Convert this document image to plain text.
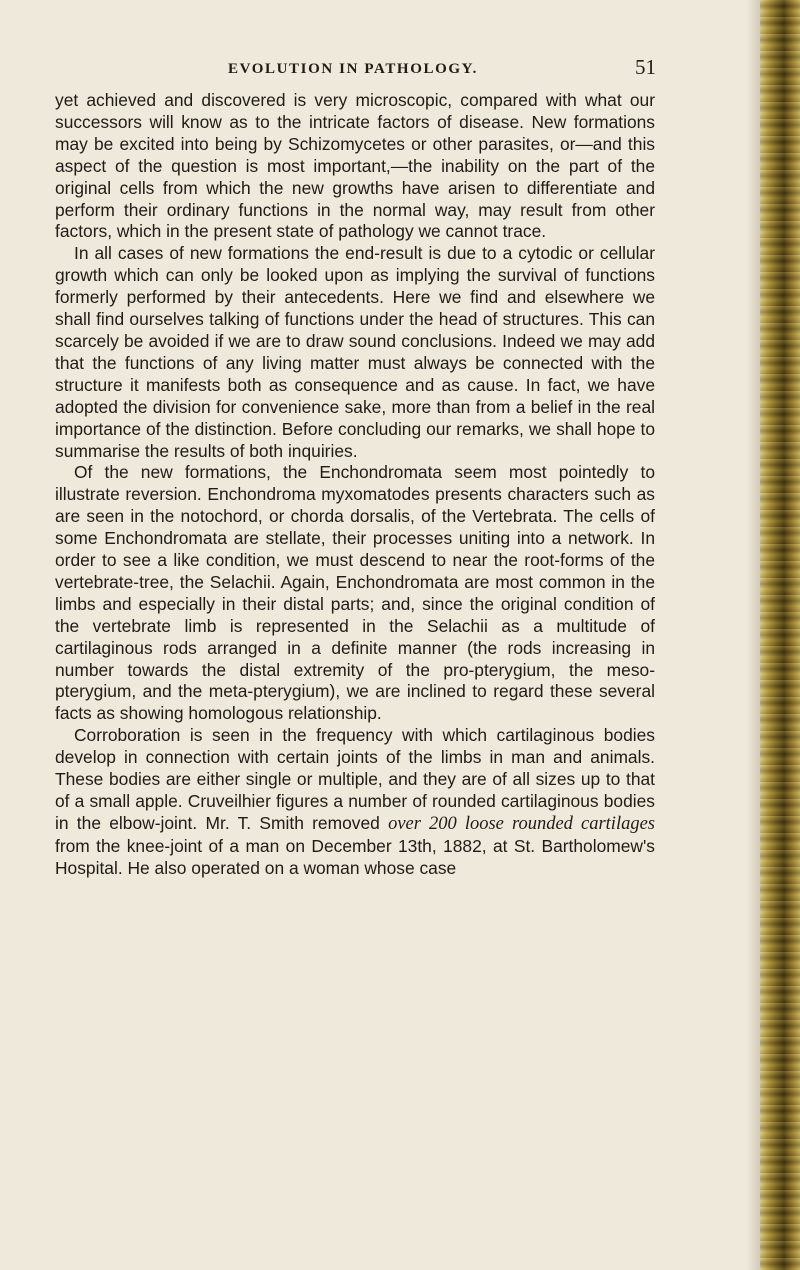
EVOLUTION IN PATHOLOGY.	51

yet achieved and discovered is very microscopic, compared with what our successors will know as to the intricate factors of disease. New formations may be excited into being by Schizomycetes or other parasites, or—and this aspect of the question is most important,—the inability on the part of the original cells from which the new growths have arisen to differentiate and perform their ordinary functions in the normal way, may result from other factors, which in the present state of pathology we cannot trace.

In all cases of new formations the end-result is due to a cytodic or cellular growth which can only be looked upon as implying the survival of functions formerly performed by their antecedents. Here we find and elsewhere we shall find ourselves talking of functions under the head of structures. This can scarcely be avoided if we are to draw sound conclusions. Indeed we may add that the functions of any living matter must always be connected with the structure it manifests both as consequence and as cause. In fact, we have adopted the division for convenience sake, more than from a belief in the real importance of the distinction. Before concluding our remarks, we shall hope to summarise the results of both inquiries.

Of the new formations, the Enchondromata seem most pointedly to illustrate reversion. Enchondroma myxomatodes presents characters such as are seen in the notochord, or chorda dorsalis, of the Vertebrata. The cells of some Enchondromata are stellate, their processes uniting into a network. In order to see a like condition, we must descend to near the root-forms of the vertebrate-tree, the Selachii. Again, Enchondromata are most common in the limbs and especially in their distal parts; and, since the original condition of the vertebrate limb is represented in the Selachii as a multitude of cartilaginous rods arranged in a definite manner (the rods increasing in number towards the distal extremity of the pro-pterygium, the meso-pterygium, and the meta-pterygium), we are inclined to regard these several facts as showing homologous relationship.

Corroboration is seen in the frequency with which cartilaginous bodies develop in connection with certain joints of the limbs in man and animals. These bodies are either single or multiple, and they are of all sizes up to that of a small apple. Cruveilhier figures a number of rounded cartilaginous bodies in the elbow-joint. Mr. T. Smith removed over 200 loose rounded cartilages from the knee-joint of a man on December 13th, 1882, at St. Bartholomew's Hospital. He also operated on a woman whose case
